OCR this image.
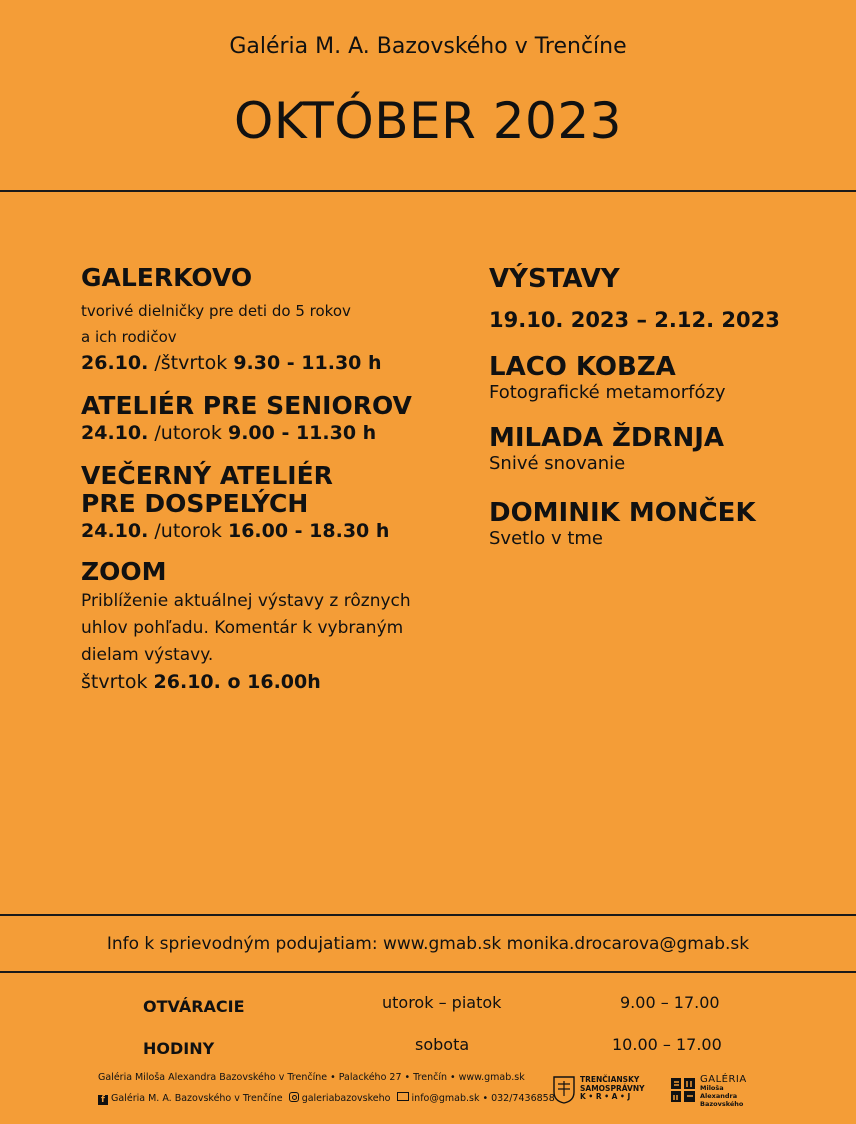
Galéria M. A. Bazovského v Trenčíne
OKTÓBER 2023
GALERKOVO
tvorivé dielničky pre deti do 5 rokov
a ich rodičov
26.10. /štvrtok 9.30 - 11.30 h
ATELIÉR PRE SENIOROV
24.10. /utorok 9.00 - 11.30 h
VEČERNÝ ATELIÉR
PRE DOSPELÝCH
24.10. /utorok 16.00 - 18.30 h
ZOOM
Priblíženie aktuálnej výstavy z rôznych
uhlov pohľadu. Komentár k vybraným
dielam výstavy.
štvrtok 26.10. o 16.00h
VÝSTAVY
19.10. 2023 – 2.12. 2023
LACO KOBZA
Fotografické metamorfózy
MILADA ŽDRNJA
Snivé snovanie
DOMINIK MONČEK
Svetlo v tme
Info k sprievodným podujatiam: www.gmab.sk monika.drocarova@gmab.sk
OTVÁRACIE
HODINY
utorok – piatok	9.00 – 17.00
sobota	10.00 – 17.00
Galéria Miloša Alexandra Bazovského v Trenčíne • Palackého 27 • Trenčín • www.gmab.sk
f Galéria M. A. Bazovského v Trenčíne galeriabazovskeho info@gmab.sk • 032/7436858
TRENČIANSKY
SAMOSPRÁVNY
K • R • A • J
GALÉRIA
Miloša Alexandra
Bazovského
